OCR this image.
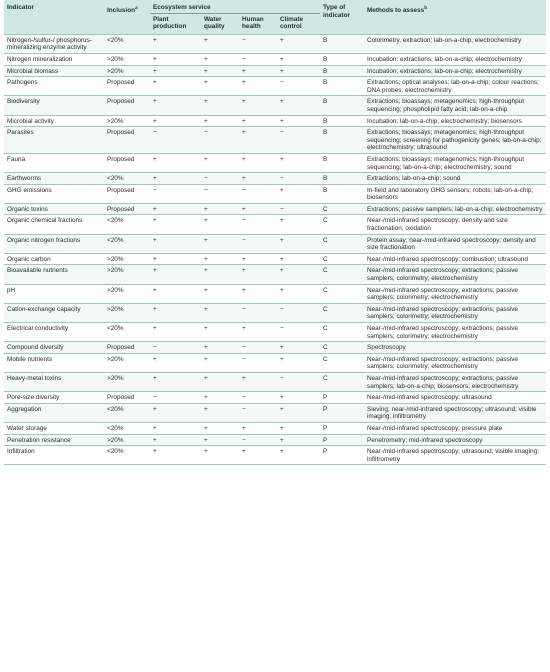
Indicator	Inclusion$^a$	Ecosystem service				Type of indicator	Methods to assess$^b$
		Plant production	Water quality	Human health	Climate control		
Nitrogen-/sulfur-/ phosphorus-mineralizing enzyme activity	<20%	+	+	−	+	B	Colorimetry, extraction; lab-on-a-chip; electrochemistry
Nitrogen mineralization	>20%	+	+	−	+	B	Incubation; extractions; lab-on-a-chip; electrochemistry
Microbial biomass	>20%	+	+	+	+	B	Incubation; extractions; lab-on-a-chip; electrochemistry
Pathogens	Proposed	+	+	+	−	B	Extractions; optical analyses; lab-on-a-chip; colour reactions; DNA probes; electrochemistry
Biodiversity	Proposed	+	+	+	+	B	Extractions; bioassays; metagenomics; high-throughput sequencing; phospholipid fatty acid; lab-on-a-chip
Microbial activity	>20%	+	+	+	+	B	Incubation; lab-on-a-chip; electrochemistry; biosensors
Parasites	Proposed	−	−	+	−	B	Extractions; bioassays; metagenomics; high-throughput sequencing; screening for pathogenicity genes; lab-on-a-chip; electrochemistry; ultrasound
Fauna	Proposed	+	+	+	+	B	Extractions; bioassays; metagenomics; high-throughput sequencing; lab-on-a-chip; electrochemistry; sound
Earthworms	<20%	+	−	+	−	B	Extractions; lab-on-a-chip; sound
GHG emissions	Proposed	−	−	−	+	B	In-field and laboratory GHG sensors; robots; lab-on-a-chip; biosensors
Organic toxins	Proposed	+	+	+	−	C	Extractions; passive samplers; lab-on-a-chip; electrochemistry
Organic chemical fractions	<20%	+	+	−	+	C	Near-/mid-infrared spectroscopy; density and size fractionation; oxidation
Organic nitrogen fractions	<20%	+	+	−	+	C	Protein assay; near-/mid-infrared spectroscopy; density and size fractionation
Organic carbon	>20%	+	+	+	+	C	Near-/mid-infrared spectroscopy; combustion; ultrasound
Bioavailable nutrients	>20%	+	+	+	+	C	Near-/mid-infrared spectroscopy; extractions; passive samplers; colorimetry; electrochemistry
pH	>20%	+	+	+	+	C	Near-/mid-infrared spectroscopy; extractions; passive samplers; colorimetry; electrochemistry
Cation-exchange capacity	>20%	+	+	−	−	C	Near-/mid-infrared spectroscopy; extractions; passive samplers; colorimetry; electrochemistry
Electrical conductivity	<20%	+	+	+	−	C	Near-/mid-infrared spectroscopy; extractions; passive samplers; colorimetry; electrochemistry
Compound diversity	Proposed	−	+	−	+	C	Spectroscopy
Mobile nutrients	>20%	+	+	−	+	C	Near-/mid-infrared spectroscopy; extractions; passive samplers; colorimetry; electrochemistry
Heavy-metal toxins	>20%	+	+	+	−	C	Near-/mid-infrared spectroscopy; extractions; passive samplers; lab-on-a-chip; biosensors; electrochemistry
Pore-size diversity	Proposed	−	+	−	+	P	Near-/mid-infrared spectroscopy; ultrasound
Aggregation	<20%	+	+	−	+	P	Sieving; near-/mid-infrared spectroscopy; ultrasound; visible imaging; infiltrometry
Water storage	<20%	+	+	+	+	P	Near-/mid-infrared spectroscopy; pressure plate
Penetration resistance	>20%	+	+	−	+	P	Penetrometry; mid-infrared spectroscopy
Infiltration	<20%	+	+	+	+	P	Near-/mid-infrared spectroscopy; ultrasound; visible imaging; infiltrometry
